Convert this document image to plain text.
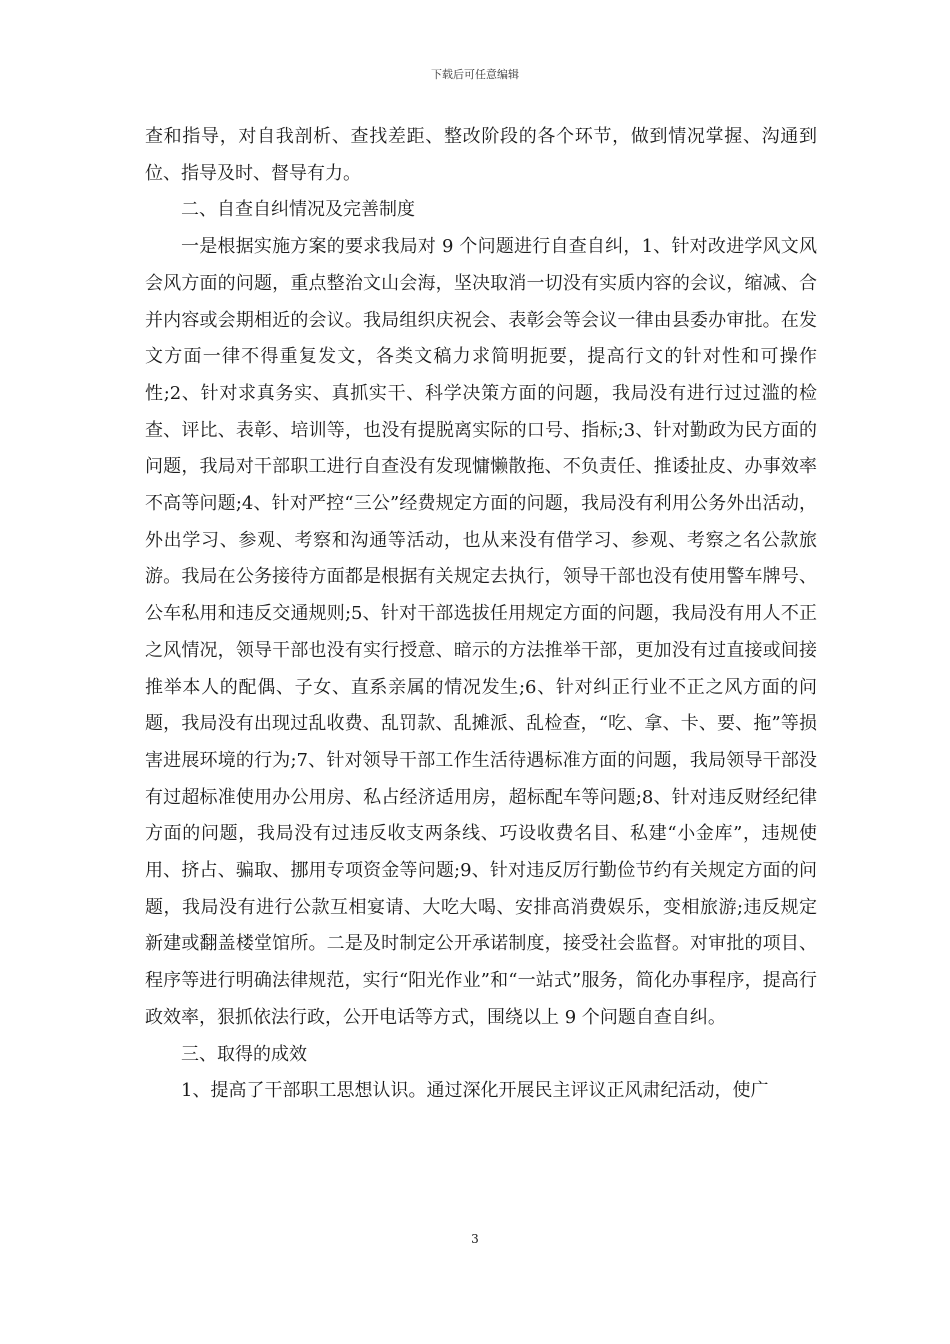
下载后可任意编辑

查和指导，对自我剖析、查找差距、整改阶段的各个环节，做到情况掌握、沟通到位、指导及时、督导有力。

二、自查自纠情况及完善制度

一是根据实施方案的要求我局对 9 个问题进行自查自纠，1、针对改进学风文风会风方面的问题，重点整治文山会海，坚决取消一切没有实质内容的会议，缩减、合并内容或会期相近的会议。我局组织庆祝会、表彰会等会议一律由县委办审批。在发文方面一律不得重复发文，各类文稿力求简明扼要，提高行文的针对性和可操作性;2、针对求真务实、真抓实干、科学决策方面的问题，我局没有进行过过滥的检查、评比、表彰、培训等，也没有提脱离实际的口号、指标;3、针对勤政为民方面的问题，我局对干部职工进行自查没有发现慵懒散拖、不负责任、推诿扯皮、办事效率不高等问题;4、针对严控“三公”经费规定方面的问题，我局没有利用公务外出活动，外出学习、参观、考察和沟通等活动，也从来没有借学习、参观、考察之名公款旅游。我局在公务接待方面都是根据有关规定去执行，领导干部也没有使用警车牌号、公车私用和违反交通规则;5、针对干部选拔任用规定方面的问题，我局没有用人不正之风情况，领导干部也没有实行授意、暗示的方法推举干部，更加没有过直接或间接推举本人的配偶、子女、直系亲属的情况发生;6、针对纠正行业不正之风方面的问题，我局没有出现过乱收费、乱罚款、乱摊派、乱检查，“吃、拿、卡、要、拖”等损害进展环境的行为;7、针对领导干部工作生活待遇标准方面的问题，我局领导干部没有过超标准使用办公用房、私占经济适用房，超标配车等问题;8、针对违反财经纪律方面的问题，我局没有过违反收支两条线、巧设收费名目、私建“小金库”，违规使用、挤占、骗取、挪用专项资金等问题;9、针对违反厉行勤俭节约有关规定方面的问题，我局没有进行公款互相宴请、大吃大喝、安排高消费娱乐，变相旅游;违反规定新建或翻盖楼堂馆所。二是及时制定公开承诺制度，接受社会监督。对审批的项目、程序等进行明确法律规范，实行“阳光作业”和“一站式”服务，简化办事程序，提高行政效率，狠抓依法行政，公开电话等方式，围绕以上 9 个问题自查自纠。

三、取得的成效

1、提高了干部职工思想认识。通过深化开展民主评议正风肃纪活动，使广

3
